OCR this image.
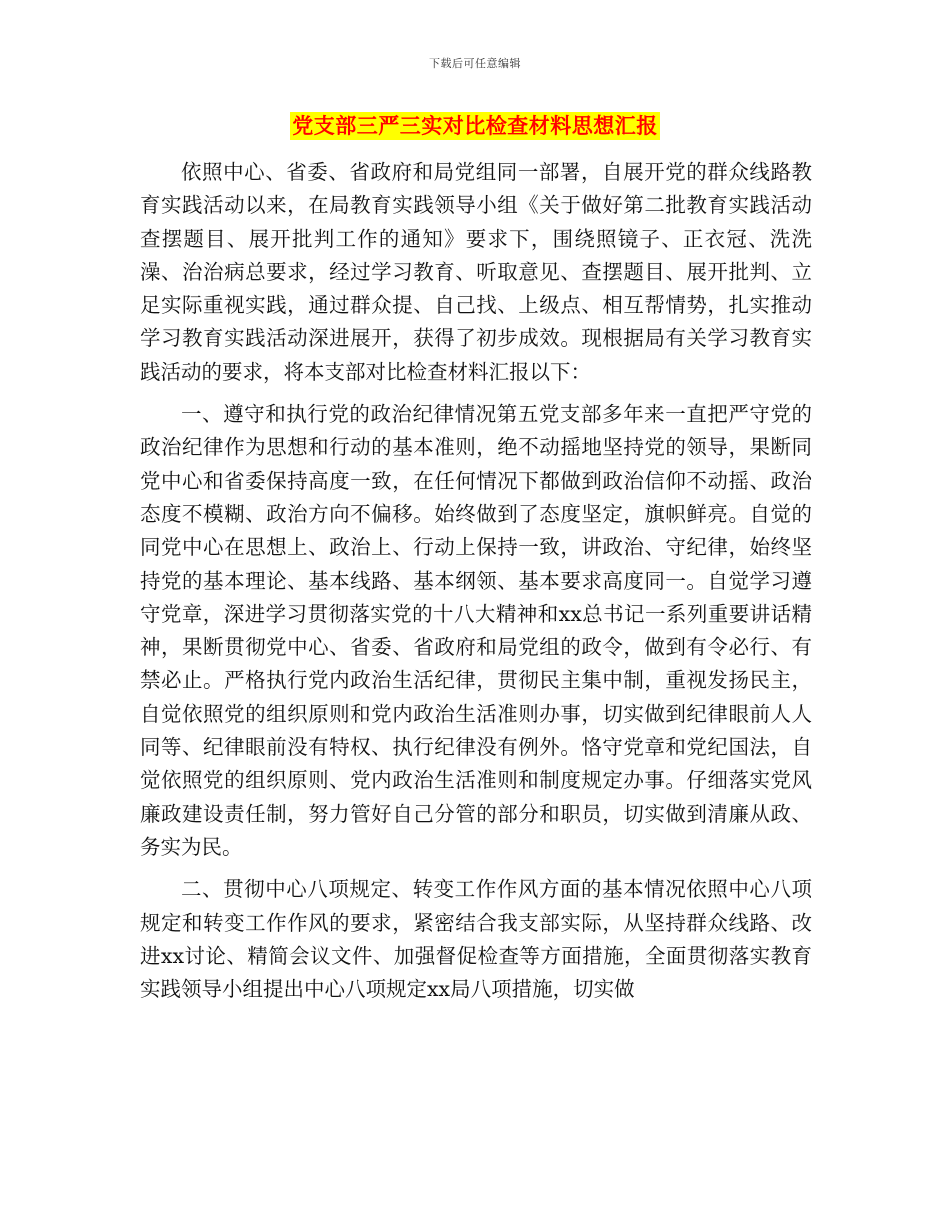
下载后可任意编辑
党支部三严三实对比检查材料思想汇报

依照中心、省委、省政府和局党组同一部署，自展开党的群众线路教育实践活动以来，在局教育实践领导小组《关于做好第二批教育实践活动查摆题目、展开批判工作的通知》要求下，围绕照镜子、正衣冠、洗洗澡、治治病总要求，经过学习教育、听取意见、查摆题目、展开批判、立足实际重视实践，通过群众提、自己找、上级点、相互帮情势，扎实推动学习教育实践活动深进展开，获得了初步成效。现根据局有关学习教育实践活动的要求，将本支部对比检查材料汇报以下：

一、遵守和执行党的政治纪律情况第五党支部多年来一直把严守党的政治纪律作为思想和行动的基本准则，绝不动摇地坚持党的领导，果断同党中心和省委保持高度一致，在任何情况下都做到政治信仰不动摇、政治态度不模糊、政治方向不偏移。始终做到了态度坚定，旗帜鲜亮。自觉的同党中心在思想上、政治上、行动上保持一致，讲政治、守纪律，始终坚持党的基本理论、基本线路、基本纲领、基本要求高度同一。自觉学习遵守党章，深进学习贯彻落实党的十八大精神和xx总书记一系列重要讲话精神，果断贯彻党中心、省委、省政府和局党组的政令，做到有令必行、有禁必止。严格执行党内政治生活纪律，贯彻民主集中制，重视发扬民主，自觉依照党的组织原则和党内政治生活准则办事，切实做到纪律眼前人人同等、纪律眼前没有特权、执行纪律没有例外。恪守党章和党纪国法，自觉依照党的组织原则、党内政治生活准则和制度规定办事。仔细落实党风廉政建设责任制，努力管好自己分管的部分和职员，切实做到清廉从政、务实为民。

二、贯彻中心八项规定、转变工作作风方面的基本情况依照中心八项规定和转变工作作风的要求，紧密结合我支部实际，从坚持群众线路、改进xx讨论、精简会议文件、加强督促检查等方面措施，全面贯彻落实教育实践领导小组提出中心八项规定xx局八项措施，切实做
